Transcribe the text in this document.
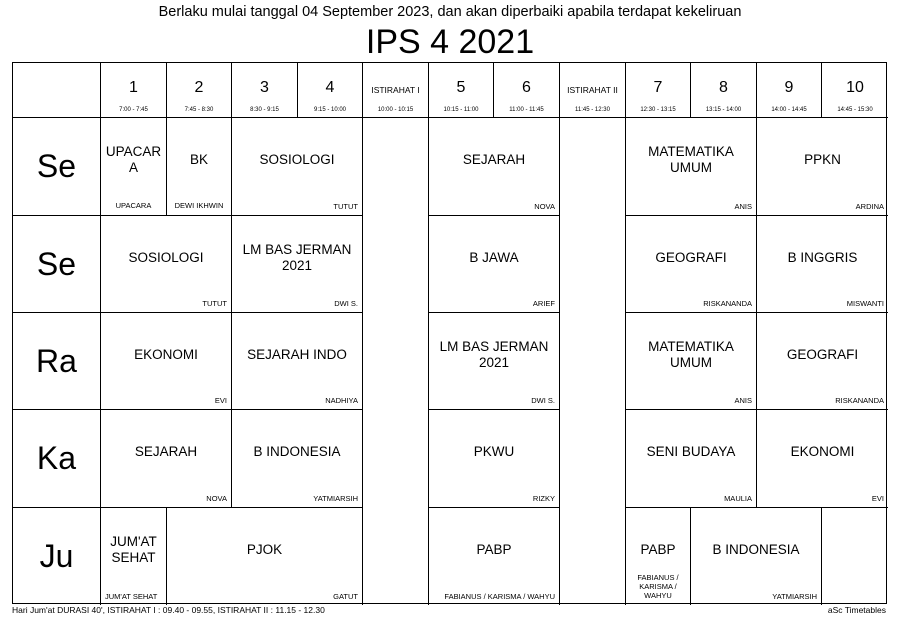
Berlaku mulai tanggal 04 September 2023, dan akan diperbaiki apabila terdapat kekeliruan
IPS 4 2021
1
7:00 - 7:45
2
7:45 - 8:30
3
8:30 - 9:15
4
9:15 - 10:00
ISTIRAHAT I
10:00 - 10:15
5
10:15 - 11:00
6
11:00 - 11:45
ISTIRAHAT II
11:45 - 12:30
7
12:30 - 13:15
8
13:15 - 14:00
9
14:00 - 14:45
10
14:45 - 15:30
Se
Se
Ra
Ka
Ju
UPACAR A
UPACARA
BK
DEWI IKHWIN
SOSIOLOGI
TUTUT
SEJARAH
NOVA
MATEMATIKA UMUM
ANIS
PPKN
ARDINA
SOSIOLOGI
TUTUT
LM BAS JERMAN 2021
DWI S.
B JAWA
ARIEF
GEOGRAFI
RISKANANDA
B INGGRIS
MISWANTI
EKONOMI
EVI
SEJARAH INDO
NADHIYA
LM BAS JERMAN 2021
DWI S.
MATEMATIKA UMUM
ANIS
GEOGRAFI
RISKANANDA
SEJARAH
NOVA
B INDONESIA
YATMIARSIH
PKWU
RIZKY
SENI BUDAYA
MAULIA
EKONOMI
EVI
JUM'AT SEHAT
JUM'AT SEHAT
PJOK
GATUT
PABP
FABIANUS / KARISMA / WAHYU
PABP
FABIANUS / KARISMA / WAHYU
B INDONESIA
YATMIARSIH
Hari Jum'at DURASI 40', ISTIRAHAT I : 09.40 - 09.55, ISTIRAHAT II : 11.15 - 12.30	aSc Timetables
